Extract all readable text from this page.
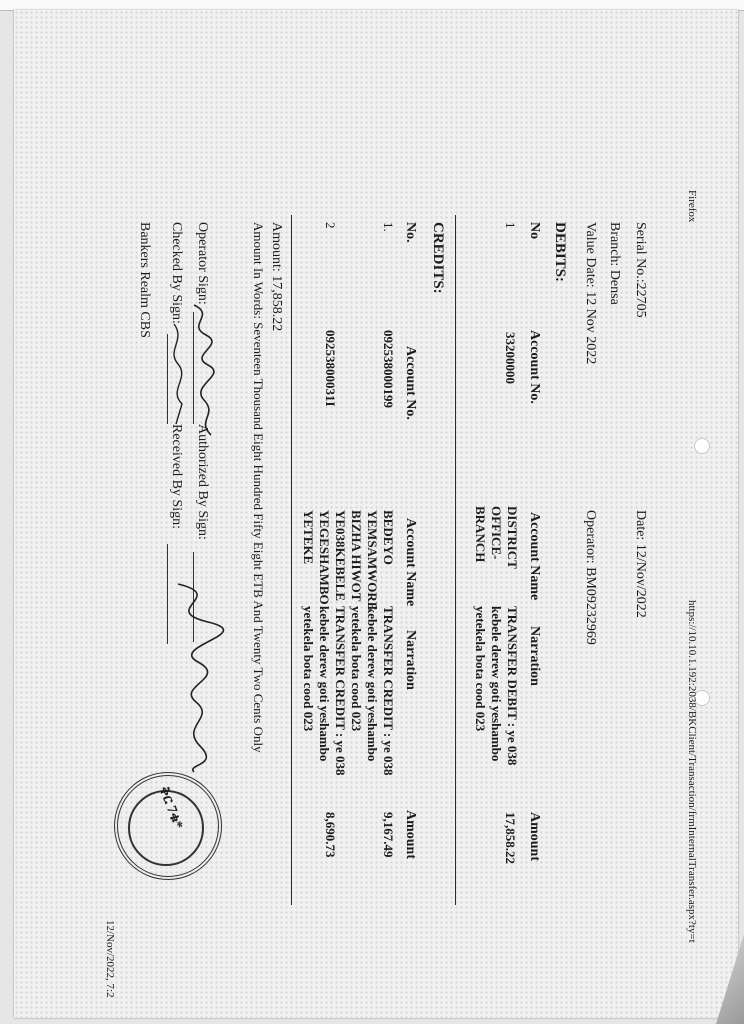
Firefox
https://10.10.1.192:2038/BKClient/Transaction/frmInternalTransfer.aspx?ty=t
12/Nov/2022, 7:2
Serial No.:22705
Date: 12/Nov/2022
Branch: Densa
Value Date: 12 Nov 2022
Operator: BM09232969
DEBITS:
No
Account No.
Account Name
Narration
Amount
1
33200000
DISTRICT
OFFICE-
BRANCH
TRANSFER DEBIT : ye 038
kebele derew goti yeshambo
yetekela bota cood 023
17,858.22
CREDITS:
No.
Account No.
Account Name
Narration
Amount
1.
092538000199
BEDEYO
YEMSAMWORE
BIZHA HIWOT
TRANSFER CREDIT : ye 038
kebele derew goti yeshambo
yetekela bota cood 023
9,167.49
2
09253800031I
YE038KEBELE
YEGESHAMBO
YETEKE
TRANSFER CREDIT : ye 038
kebele derew goti yeshambo
yetekela bota cood 023
8,690.73
Amount: 17,858.22
Amount In Words: Seventeen Thousand Eight Hundred Fifty Eight ETB And Twenty Two Cents Only
Operator Sign:
Authorized By Sign:
Checked By Sign:
Received By Sign:
Bankers Realm CBS
ቅር 7ቁ*
